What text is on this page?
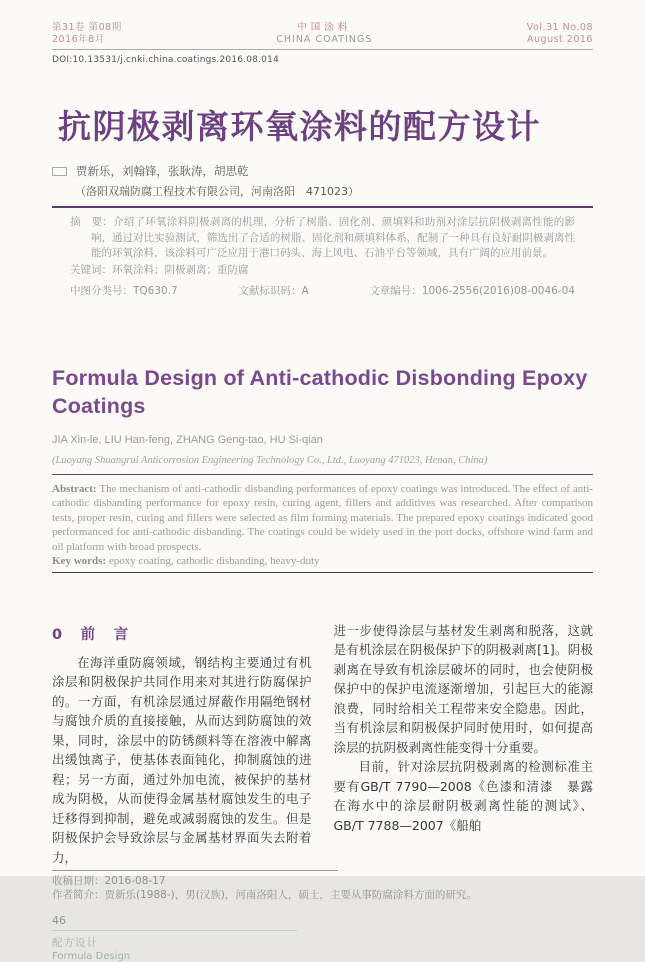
第31卷 第08期
2016年8月
中国涂料
CHINA COATINGS
Vol.31 No.08
August 2016
DOI:10.13531/j.cnki.china.coatings.2016.08.014
抗阴极剥离环氧涂料的配方设计
贾新乐，刘翰锋，张耿涛，胡思乾
（洛阳双瑞防腐工程技术有限公司，河南洛阳　471023）

摘　要：介绍了环氧涂料阴极剥离的机理，分析了树脂、固化剂、颜填料和助剂对涂层抗阴极剥离性能的影响，通过对比实验测试，筛选出了合适的树脂、固化剂和颜填料体系，配制了一种具有良好耐阴极剥离性能的环氧涂料，该涂料可广泛应用于港口码头、海上风电、石油平台等领域，具有广阔的应用前景。

关键词：环氧涂料；阴极剥离；重防腐

中图分类号：TQ630.7	文献标识码：A	文章编号：1006-2556(2016)08-0046-04
Formula Design of Anti-cathodic Disbonding Epoxy Coatings
JIA Xin-le, LIU Han-feng, ZHANG Geng-tao, HU Si-qian
(Luoyang Shuangrui Anticorrosion Engineering Technology Co., Ltd., Luoyang 471023, Henan, China)

Abstract: The mechanism of anti-cathodic disbanding performances of epoxy coatings was introduced. The effect of anti-cathodic disbanding performance for epoxy resin, curing agent, fillers and additives was researched. After comparison tests, proper resin, curing and fillers were selected as film forming materials. The prepared epoxy coatings indicated good performanced for anti-cathodic disbanding. The coatings could be widely used in the port docks, offshore wind farm and oil platform with broad prospects.

Key words: epoxy coating, cathodic disbanding, heavy-duty

0　前　言

在海洋重防腐领域，钢结构主要通过有机涂层和阴极保护共同作用来对其进行防腐保护的。一方面，有机涂层通过屏蔽作用隔绝钢材与腐蚀介质的直接接触，从而达到防腐蚀的效果，同时，涂层中的防锈颜料等在溶液中解离出缓蚀离子，使基体表面钝化，抑制腐蚀的进程；另一方面，通过外加电流，被保护的基材成为阴极，从而使得金属基材腐蚀发生的电子迁移得到抑制，避免或减弱腐蚀的发生。但是阴极保护会导致涂层与金属基材界面失去附着力，

进一步使得涂层与基材发生剥离和脱落，这就是有机涂层在阴极保护下的阴极剥离[1]。阴极剥离在导致有机涂层破坏的同时，也会使阴极保护中的保护电流逐渐增加，引起巨大的能源浪费，同时给相关工程带来安全隐患。因此，当有机涂层和阴极保护同时使用时，如何提高涂层的抗阴极剥离性能变得十分重要。

目前，针对涂层抗阴极剥离的检测标准主要有GB/T 7790—2008《色漆和清漆　暴露在海水中的涂层耐阴极剥离性能的测试》、GB/T 7788—2007《船舶

收稿日期：2016-08-17
作者简介：贾新乐(1988-)，男(汉族)，河南洛阳人，硕士，主要从事防腐涂料方面的研究。
46
配方设计
Formula Design
